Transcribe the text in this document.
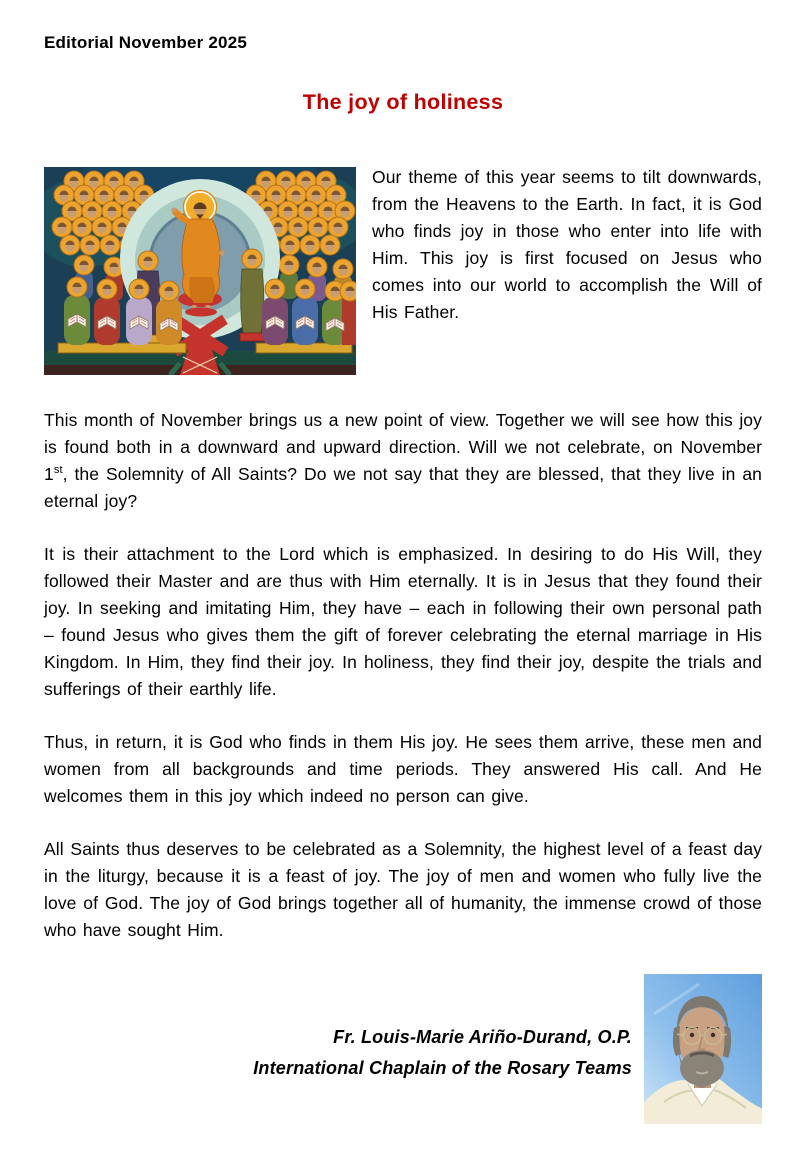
Editorial November 2025
The joy of holiness

Our theme of this year seems to tilt downwards, from the Heavens to the Earth. In fact, it is God who finds joy in those who enter into life with Him. This joy is first focused on Jesus who comes into our world to accomplish the Will of His Father.

This month of November brings us a new point of view. Together we will see how this joy is found both in a downward and upward direction. Will we not celebrate, on November 1st, the Solemnity of All Saints? Do we not say that they are blessed, that they live in an eternal joy?

It is their attachment to the Lord which is emphasized. In desiring to do His Will, they followed their Master and are thus with Him eternally. It is in Jesus that they found their joy. In seeking and imitating Him, they have – each in following their own personal path – found Jesus who gives them the gift of forever celebrating the eternal marriage in His Kingdom. In Him, they find their joy. In holiness, they find their joy, despite the trials and sufferings of their earthly life.

Thus, in return, it is God who finds in them His joy. He sees them arrive, these men and women from all backgrounds and time periods. They answered His call. And He welcomes them in this joy which indeed no person can give.

All Saints thus deserves to be celebrated as a Solemnity, the highest level of a feast day in the liturgy, because it is a feast of joy. The joy of men and women who fully live the love of God. The joy of God brings together all of humanity, the immense crowd of those who have sought Him.

Fr. Louis-Marie Ariño-Durand, O.P.
International Chaplain of the Rosary Teams
